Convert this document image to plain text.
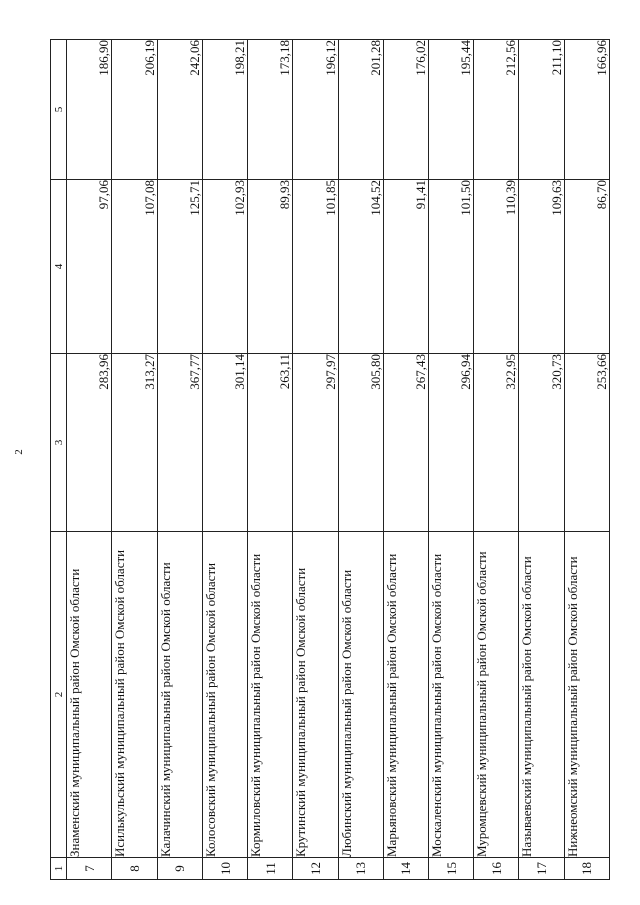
2
1	2	3	4	5
7	Знаменский муниципальный район Омской области	283,96	97,06	186,90
8	Исилькульский муниципальный район Омской области	313,27	107,08	206,19
9	Калачинский муниципальный район Омской области	367,77	125,71	242,06
10	Колосовский муниципальный район Омской области	301,14	102,93	198,21
11	Кормиловский муниципальный район Омской области	263,11	89,93	173,18
12	Крутинский муниципальный район Омской области	297,97	101,85	196,12
13	Любинский муниципальный район Омской области	305,80	104,52	201,28
14	Марьяновский муниципальный район Омской области	267,43	91,41	176,02
15	Москаленский муниципальный район Омской области	296,94	101,50	195,44
16	Муромцевский муниципальный район Омской области	322,95	110,39	212,56
17	Называевский муниципальный район Омской области	320,73	109,63	211,10
18	Нижнеомский муниципальный район Омской области	253,66	86,70	166,96
